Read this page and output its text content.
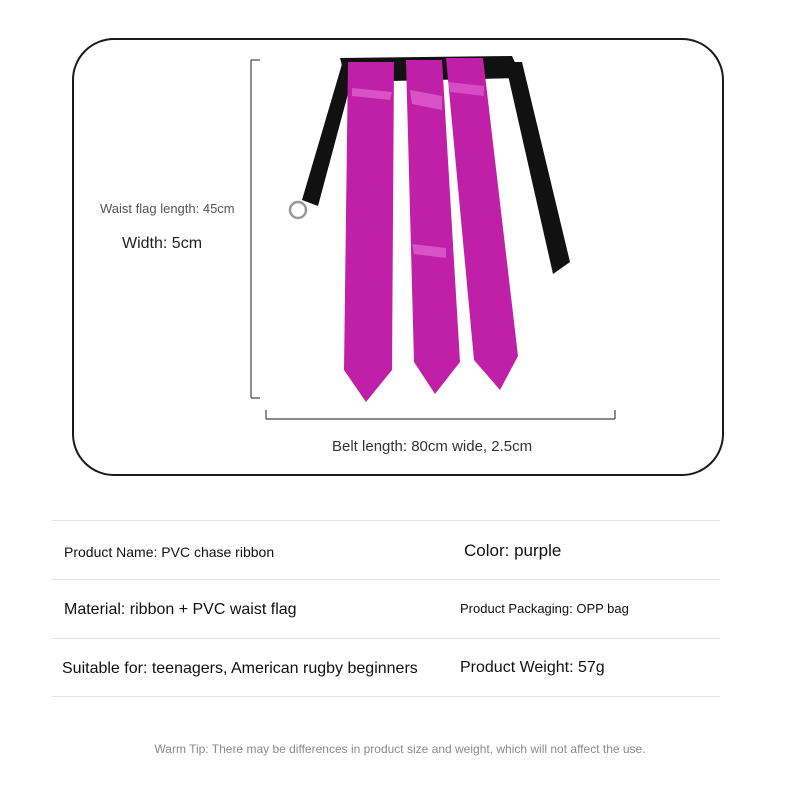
Waist flag length: 45cm
Width: 5cm
Belt length: 80cm wide, 2.5cm
Product Name: PVC chase ribbon	Color: purple
Material: ribbon + PVC waist flag	Product Packaging: OPP bag
Suitable for: teenagers, American rugby beginners	Product Weight: 57g
Warm Tip: There may be differences in product size and weight, which will not affect the use.
